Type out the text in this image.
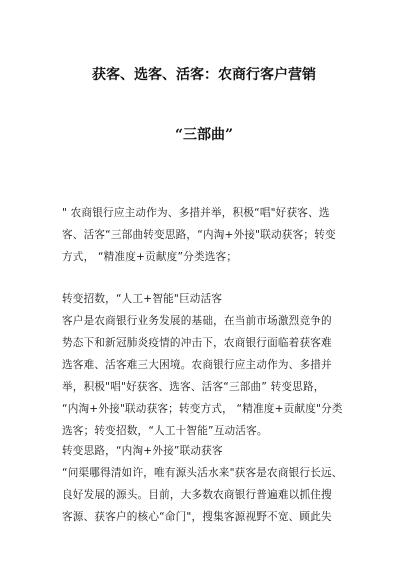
获客、选客、活客：农商行客户营销
“三部曲”
" 农商银行应主动作为、多措并举，积极“唱"好获客、选
客、活客“三部曲转变思路，“内淘+外接"联动获客；转变
方式， “精准度+贡献度”分类选客；
转变招数，“人工+智能"巨动活客
客户是农商银行业务发展的基础，在当前市场激烈竞争的
势态下和新冠肺炎疫情的冲击下，农商银行面临着获客难
选客难、活客难三大困境。农商银行应主动作为、多措并
举，积极"唱"好获客、选客、活客“三部曲” 转变思路，
“内淘+外接"联动获客；转变方式， “精准度+贡献度"分类
选客；转变招数，“人工十智能”互动活客。
转变思路，“内淘+外接”联动获客
“问渠哪得清如许，唯有源头活水来"获客是农商银行长远、
良好发展的源头。目前，大多数农商银行普遍难以抓住搜
客源、获客户的核心“命门"，搜集客源视野不宽、顾此失
